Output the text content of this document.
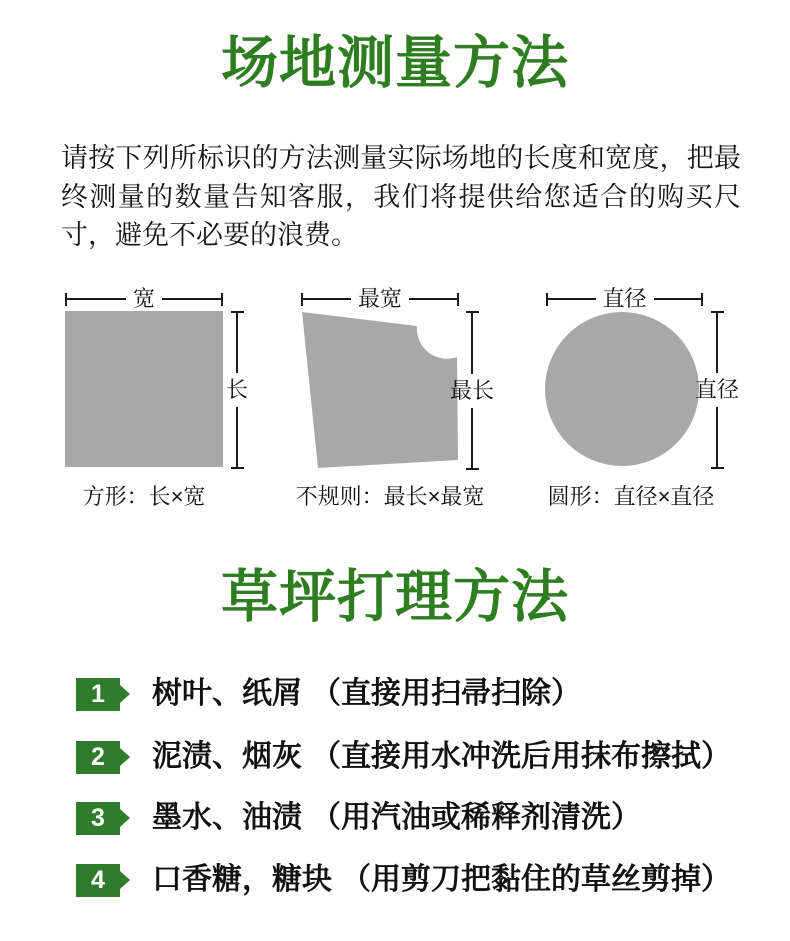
场地测量方法

请按下列所标识的方法测量实际场地的长度和宽度，把最终测量的数量告知客服，我们将提供给您适合的购买尺寸，避免不必要的浪费。

宽
长
方形：长×宽
最宽
最长
不规则：最长×最宽
直径
直径
圆形：直径×直径
草坪打理方法
1 树叶、纸屑 （直接用扫帚扫除）
2 泥渍、烟灰 （直接用水冲洗后用抹布擦拭）
3 墨水、油渍 （用汽油或稀释剂清洗）
4 口香糖，糖块 （用剪刀把黏住的草丝剪掉）
